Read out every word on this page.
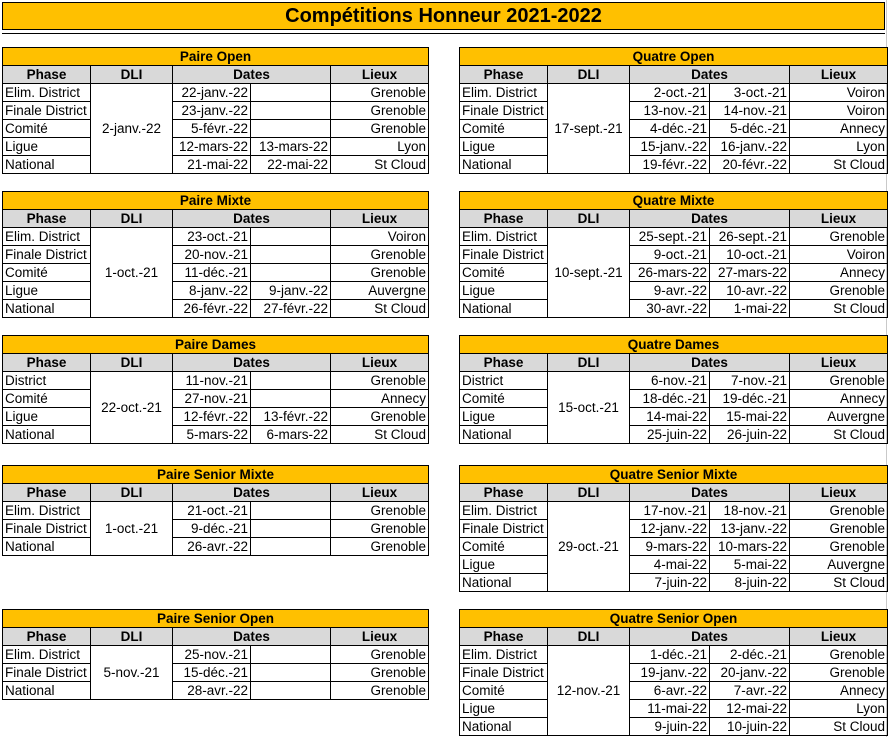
Compétitions Honneur 2021-2022
Paire Open				
Phase	DLI	Dates		Lieux
Elim. District	2-janv.-22	22-janv.-22		Grenoble
Finale District		23-janv.-22		Grenoble
Comité		5-févr.-22		Grenoble
Ligue		12-mars-22	13-mars-22	Lyon
National		21-mai-22	22-mai-22	St Cloud
Quatre Open				
Phase	DLI	Dates		Lieux
Elim. District	17-sept.-21	2-oct.-21	3-oct.-21	Voiron
Finale District		13-nov.-21	14-nov.-21	Voiron
Comité		4-déc.-21	5-déc.-21	Annecy
Ligue		15-janv.-22	16-janv.-22	Lyon
National		19-févr.-22	20-févr.-22	St Cloud
Paire Mixte				
Phase	DLI	Dates		Lieux
Elim. District	1-oct.-21	23-oct.-21		Voiron
Finale District		20-nov.-21		Grenoble
Comité		11-déc.-21		Grenoble
Ligue		8-janv.-22	9-janv.-22	Auvergne
National		26-févr.-22	27-févr.-22	St Cloud
Quatre Mixte				
Phase	DLI	Dates		Lieux
Elim. District	10-sept.-21	25-sept.-21	26-sept.-21	Grenoble
Finale District		9-oct.-21	10-oct.-21	Voiron
Comité		26-mars-22	27-mars-22	Annecy
Ligue		9-avr.-22	10-avr.-22	Grenoble
National		30-avr.-22	1-mai-22	St Cloud
Paire Dames				
Phase	DLI	Dates		Lieux
District	22-oct.-21	11-nov.-21		Grenoble
Comité		27-nov.-21		Annecy
Ligue		12-févr.-22	13-févr.-22	Grenoble
National		5-mars-22	6-mars-22	St Cloud
Quatre Dames				
Phase	DLI	Dates		Lieux
District	15-oct.-21	6-nov.-21	7-nov.-21	Grenoble
Comité		18-déc.-21	19-déc.-21	Annecy
Ligue		14-mai-22	15-mai-22	Auvergne
National		25-juin-22	26-juin-22	St Cloud
Paire Senior Mixte				
Phase	DLI	Dates		Lieux
Elim. District	1-oct.-21	21-oct.-21		Grenoble
Finale District		9-déc.-21		Grenoble
National		26-avr.-22		Grenoble
Quatre Senior Mixte				
Phase	DLI	Dates		Lieux
Elim. District	29-oct.-21	17-nov.-21	18-nov.-21	Grenoble
Finale District		12-janv.-22	13-janv.-22	Grenoble
Comité		9-mars-22	10-mars-22	Grenoble
Ligue		4-mai-22	5-mai-22	Auvergne
National		7-juin-22	8-juin-22	St Cloud
Paire Senior Open				
Phase	DLI	Dates		Lieux
Elim. District	5-nov.-21	25-nov.-21		Grenoble
Finale District		15-déc.-21		Grenoble
National		28-avr.-22		Grenoble
Quatre Senior Open				
Phase	DLI	Dates		Lieux
Elim. District	12-nov.-21	1-déc.-21	2-déc.-21	Grenoble
Finale District		19-janv.-22	20-janv.-22	Grenoble
Comité		6-avr.-22	7-avr.-22	Annecy
Ligue		11-mai-22	12-mai-22	Lyon
National		9-juin-22	10-juin-22	St Cloud
